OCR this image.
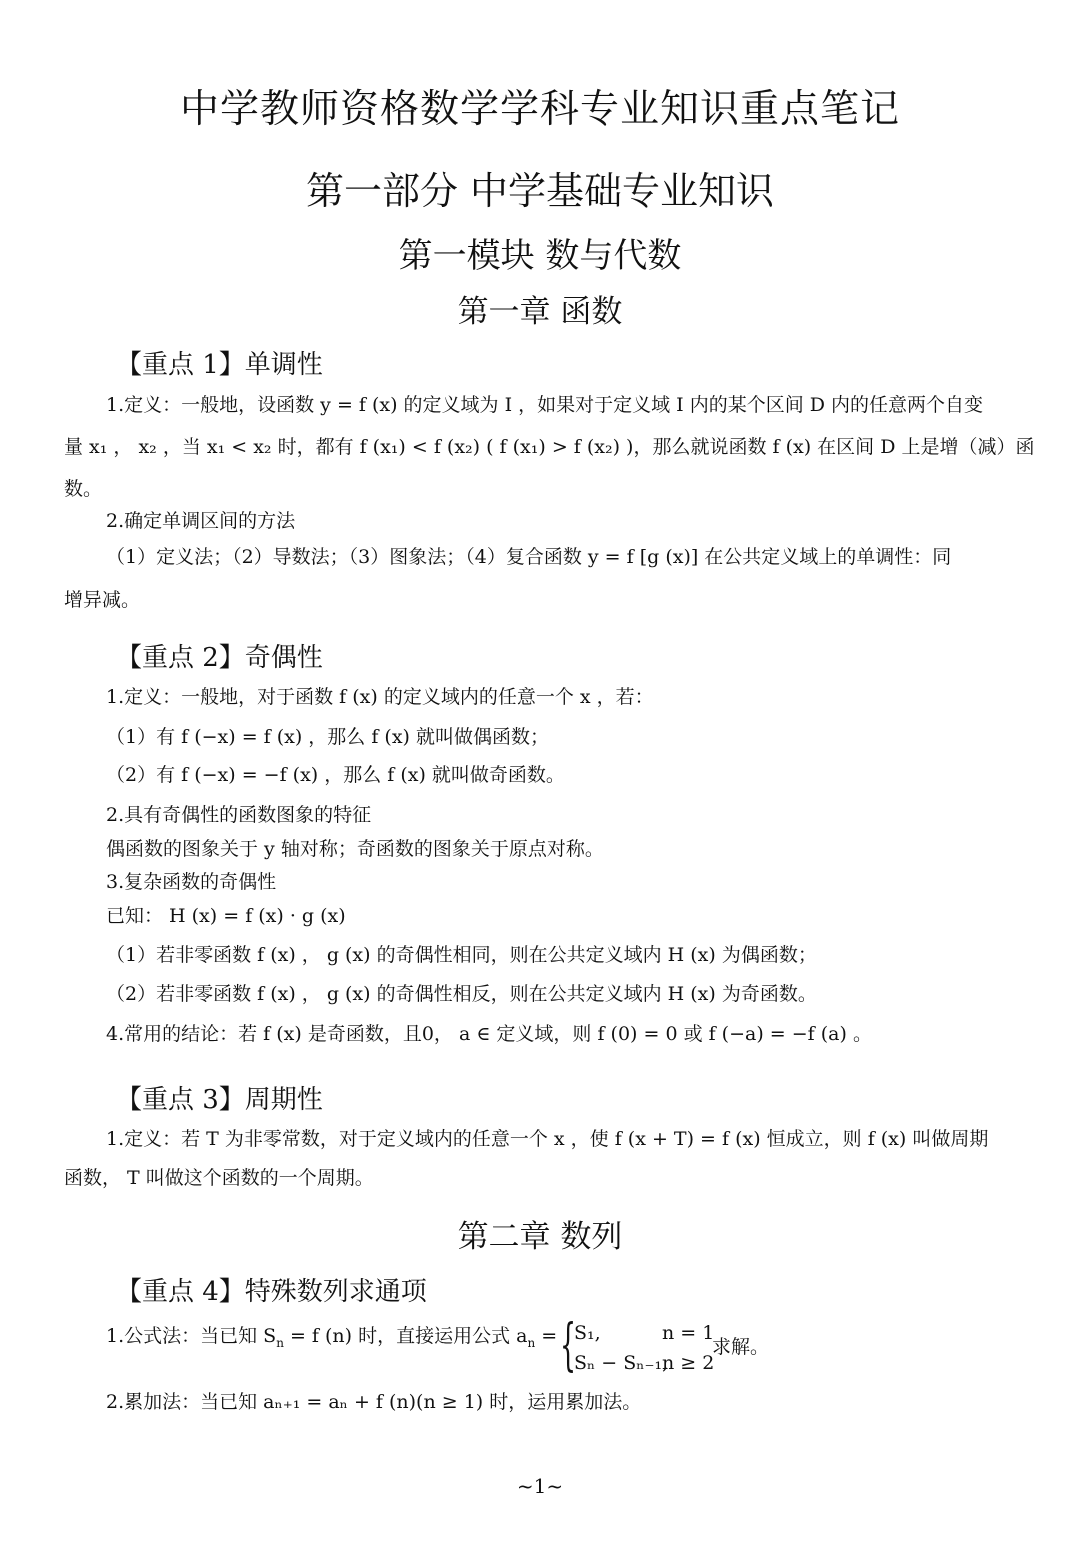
中学教师资格数学学科专业知识重点笔记
第一部分 中学基础专业知识
第一模块 数与代数
第一章 函数
【重点 1】单调性
1.定义：一般地，设函数 y = f (x) 的定义域为 I ，如果对于定义域 I 内的某个区间 D 内的任意两个自变
量 x₁ ， x₂ ，当 x₁ < x₂ 时，都有 f (x₁) < f (x₂) ( f (x₁) > f (x₂) )，那么就说函数 f (x) 在区间 D 上是增（减）函
数。
2.确定单调区间的方法
（1）定义法；（2）导数法；（3）图象法；（4）复合函数 y = f [g (x)] 在公共定义域上的单调性：同
增异减。
【重点 2】奇偶性
1.定义：一般地，对于函数 f (x) 的定义域内的任意一个 x ，若：
（1）有 f (−x) = f (x) ，那么 f (x) 就叫做偶函数；
（2）有 f (−x) = −f (x) ，那么 f (x) 就叫做奇函数。
2.具有奇偶性的函数图象的特征
偶函数的图象关于 y 轴对称；奇函数的图象关于原点对称。
3.复杂函数的奇偶性
已知： H (x) = f (x) · g (x)
（1）若非零函数 f (x) ， g (x) 的奇偶性相同，则在公共定义域内 H (x) 为偶函数；
（2）若非零函数 f (x) ， g (x) 的奇偶性相反，则在公共定义域内 H (x) 为奇函数。
4.常用的结论：若 f (x) 是奇函数，且0， a ∈ 定义域，则 f (0) = 0 或 f (−a) = −f (a) 。
【重点 3】周期性
1.定义：若 T 为非零常数，对于定义域内的任意一个 x ，使 f (x + T) = f (x) 恒成立，则 f (x) 叫做周期
函数， T 叫做这个函数的一个周期。
第二章 数列
【重点 4】特殊数列求通项
1.公式法：当已知 $S_n = f$ (n) 时，直接运用公式 $a_n$ = {
S₁,	n = 1
Sₙ − Sₙ₋₁,
n ≥ 2
求解。
2.累加法：当已知 aₙ₊₁ = aₙ + f (n)(n ≥ 1) 时，运用累加法。
~1~
